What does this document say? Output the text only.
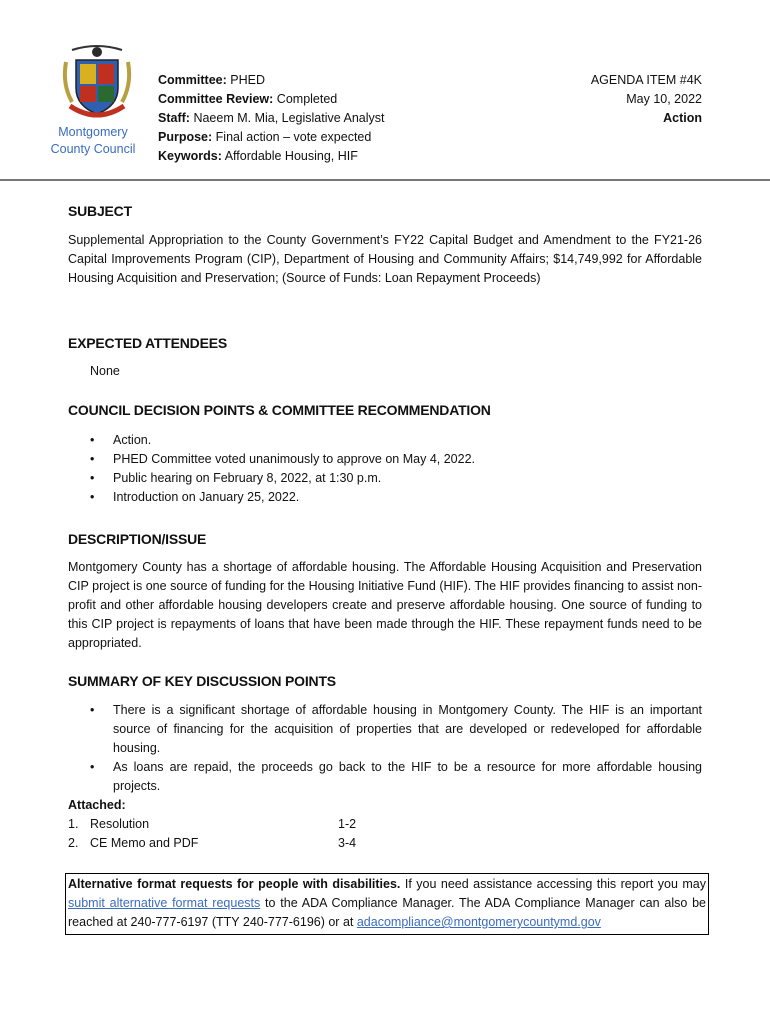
Montgomery
County Council
Committee: PHED
Committee Review: Completed
Staff: Naeem M. Mia, Legislative Analyst
Purpose: Final action – vote expected
Keywords: Affordable Housing, HIF
AGENDA ITEM #4K
May 10, 2022
Action
SUBJECT
Supplemental Appropriation to the County Government’s FY22 Capital Budget and Amendment to the FY21-26 Capital Improvements Program (CIP), Department of Housing and Community Affairs; $14,749,992 for Affordable Housing Acquisition and Preservation; (Source of Funds: Loan Repayment Proceeds)
EXPECTED ATTENDEES
None
COUNCIL DECISION POINTS & COMMITTEE RECOMMENDATION
• Action.
• PHED Committee voted unanimously to approve on May 4, 2022.
• Public hearing on February 8, 2022, at 1:30 p.m.
• Introduction on January 25, 2022.
DESCRIPTION/ISSUE
Montgomery County has a shortage of affordable housing. The Affordable Housing Acquisition and Preservation CIP project is one source of funding for the Housing Initiative Fund (HIF). The HIF provides financing to assist non-profit and other affordable housing developers create and preserve affordable housing. One source of funding to this CIP project is repayments of loans that have been made through the HIF. These repayment funds need to be appropriated.
SUMMARY OF KEY DISCUSSION POINTS
• There is a significant shortage of affordable housing in Montgomery County. The HIF is an important source of financing for the acquisition of properties that are developed or redeveloped for affordable housing.
• As loans are repaid, the proceeds go back to the HIF to be a resource for more affordable housing projects.
Attached:
1. Resolution	1-2
2. CE Memo and PDF	3-4
Alternative format requests for people with disabilities. If you need assistance accessing this report you may submit alternative format requests to the ADA Compliance Manager. The ADA Compliance Manager can also be reached at 240-777-6197 (TTY 240-777-6196) or at adacompliance@montgomerycountymd.gov
